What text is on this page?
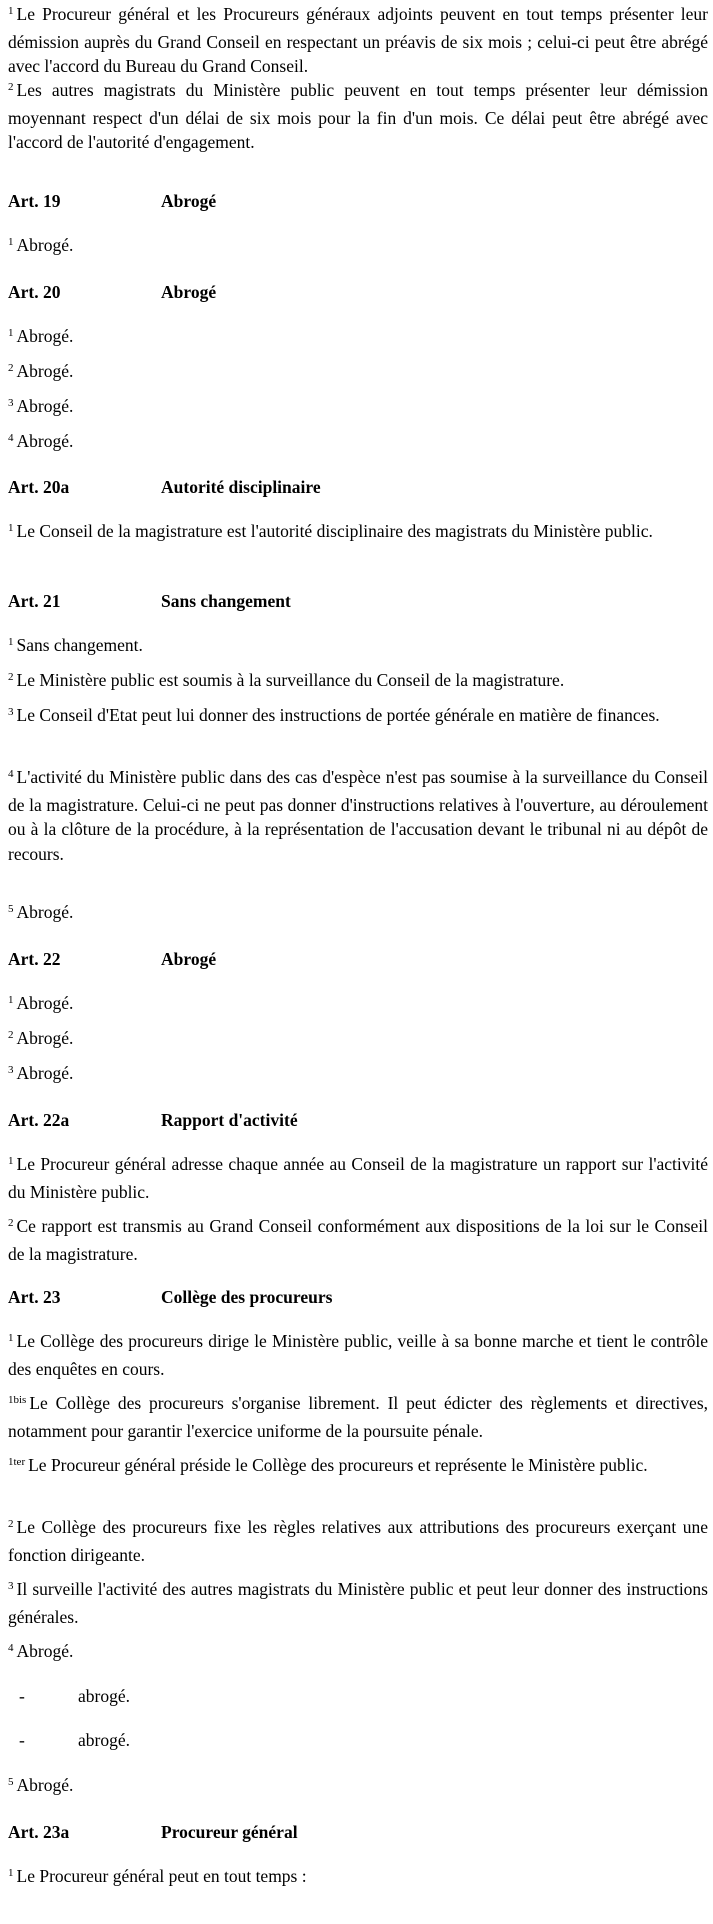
$^1$ Le Procureur général et les Procureurs généraux adjoints peuvent en tout temps présenter leur démission auprès du Grand Conseil en respectant un préavis de six mois ; celui-ci peut être abrégé avec l'accord du Bureau du Grand Conseil.

$^2$ Les autres magistrats du Ministère public peuvent en tout temps présenter leur démission moyennant respect d'un délai de six mois pour la fin d'un mois. Ce délai peut être abrégé avec l'accord de l'autorité d'engagement.

Art. 19	Abrogé

$^1$ Abrogé.

Art. 20	Abrogé

$^1$ Abrogé.

$^2$ Abrogé.

$^3$ Abrogé.

$^4$ Abrogé.

Art. 20a	Autorité disciplinaire

$^1$ Le Conseil de la magistrature est l'autorité disciplinaire des magistrats du Ministère public.

Art. 21	Sans changement

$^1$ Sans changement.

$^2$ Le Ministère public est soumis à la surveillance du Conseil de la magistrature.

$^3$ Le Conseil d'Etat peut lui donner des instructions de portée générale en matière de finances.

$^4$ L'activité du Ministère public dans des cas d'espèce n'est pas soumise à la surveillance du Conseil de la magistrature. Celui-ci ne peut pas donner d'instructions relatives à l'ouverture, au déroulement ou à la clôture de la procédure, à la représentation de l'accusation devant le tribunal ni au dépôt de recours.

$^5$ Abrogé.

Art. 22	Abrogé

$^1$ Abrogé.

$^2$ Abrogé.

$^3$ Abrogé.

Art. 22a	Rapport d'activité

$^1$ Le Procureur général adresse chaque année au Conseil de la magistrature un rapport sur l'activité du Ministère public.

$^2$ Ce rapport est transmis au Grand Conseil conformément aux dispositions de la loi sur le Conseil de la magistrature.

Art. 23	Collège des procureurs

$^1$ Le Collège des procureurs dirige le Ministère public, veille à sa bonne marche et tient le contrôle des enquêtes en cours.

$^{1bis}$ Le Collège des procureurs s'organise librement. Il peut édicter des règlements et directives, notamment pour garantir l'exercice uniforme de la poursuite pénale.

$^{1ter}$ Le Procureur général préside le Collège des procureurs et représente le Ministère public.

$^2$ Le Collège des procureurs fixe les règles relatives aux attributions des procureurs exerçant une fonction dirigeante.

$^3$ Il surveille l'activité des autres magistrats du Ministère public et peut leur donner des instructions générales.

$^4$ Abrogé.

-	abrogé.
-	abrogé.

$^5$ Abrogé.

Art. 23a	Procureur général

$^1$ Le Procureur général peut en tout temps :
